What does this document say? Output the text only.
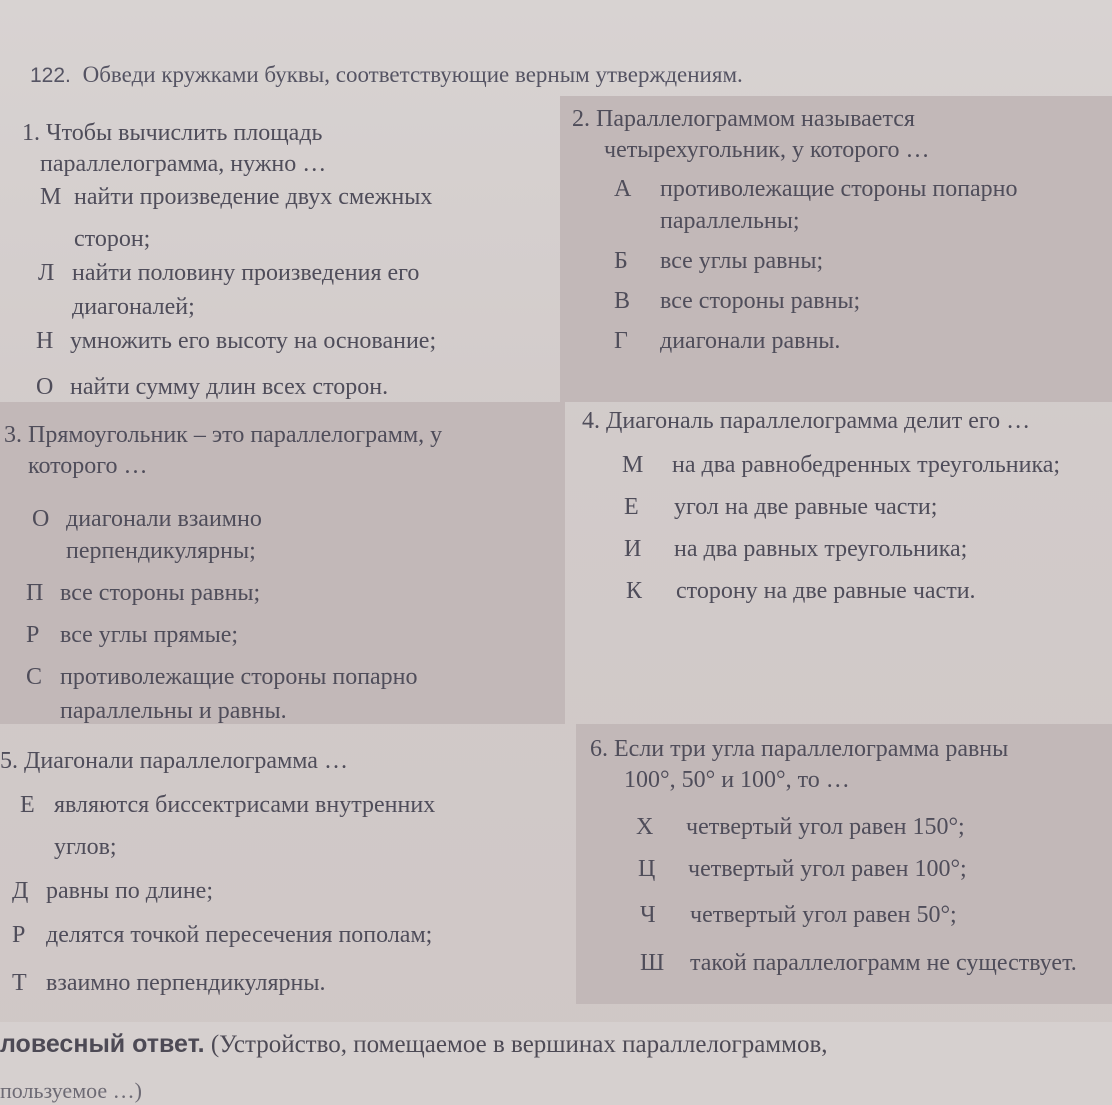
122. Обведи кружками буквы, соответствующие верным утверждениям.
1. Чтобы вычислить площадь
параллелограмма, нужно …
М найти произведение двух смежных
сторон;
Л найти половину произведения его
диагоналей;
Н умножить его высоту на основание;
О найти сумму длин всех сторон.
2. Параллелограммом называется
четырехугольник, у которого …
А противолежащие стороны попарно
параллельны;
Б все углы равны;
В все стороны равны;
Г диагонали равны.
3. Прямоугольник – это параллелограмм, у
которого …
О диагонали взаимно
перпендикулярны;
П все стороны равны;
Р все углы прямые;
С противолежащие стороны попарно
параллельны и равны.
4. Диагональ параллелограмма делит его …
М на два равнобедренных треугольника;
Е угол на две равные части;
И на два равных треугольника;
К сторону на две равные части.
5. Диагонали параллелограмма …
Е являются биссектрисами внутренних
углов;
Д равны по длине;
Р делятся точкой пересечения пополам;
Т взаимно перпендикулярны.
6. Если три угла параллелограмма равны
100°, 50° и 100°, то …
Х четвертый угол равен 150°;
Ц четвертый угол равен 100°;
Ч четвертый угол равен 50°;
Ш такой параллелограмм не существует.
ловесный ответ. (Устройство, помещаемое в вершинах параллелограммов,
пользуемое …)
